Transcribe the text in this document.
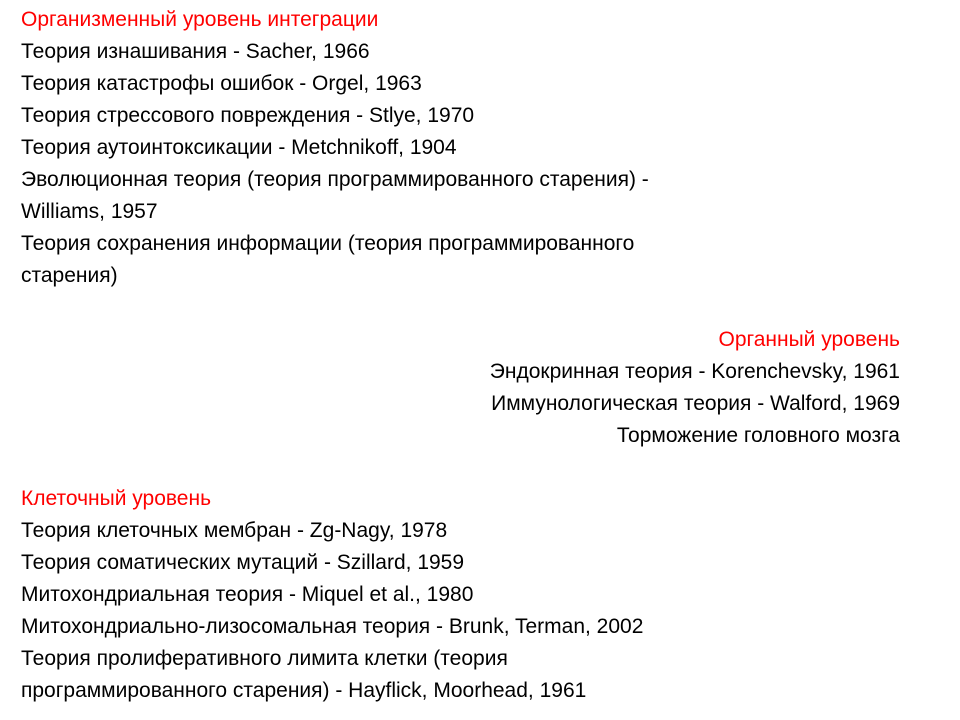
Организменный уровень интеграции
Теория изнашивания - Sacher, 1966
Теория катастрофы ошибок - Orgel, 1963
Теория стрессового повреждения - Stlye, 1970
Теория аутоинтоксикации - Metchnikoff, 1904
Эволюционная теория (теория программированного старения) -
Williams, 1957
Теория сохранения информации (теория программированного
старения)
Органный уровень
Эндокринная теория - Korenchevsky, 1961
Иммунологическая теория - Walford, 1969
Торможение головного мозга
Клеточный уровень
Теория клеточных мембран - Zg-Nagy, 1978
Теория соматических мутаций - Szillard, 1959
Митохондриальная теория - Miquel et al., 1980
Митохондриально-лизосомальная теория - Brunk, Terman, 2002
Теория пролиферативного лимита клетки (теория
программированного старения) - Hayflick, Moorhead, 1961
